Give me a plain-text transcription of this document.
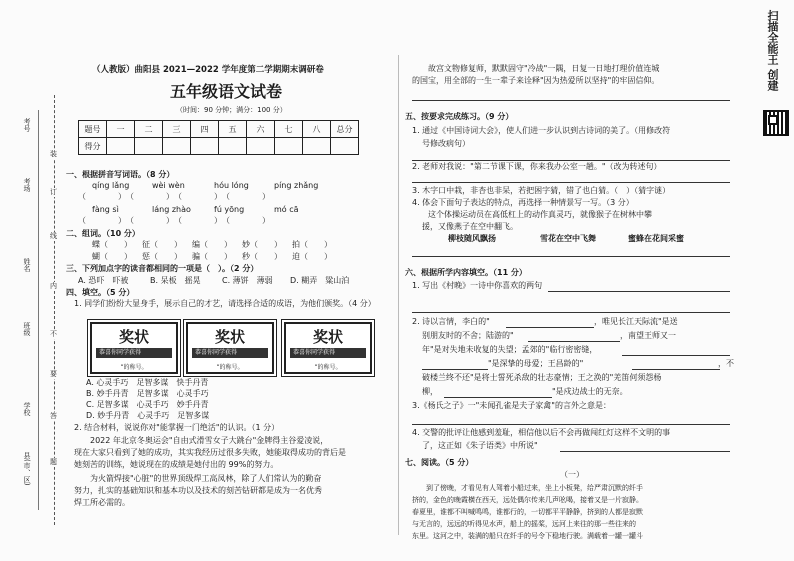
考号
考场
姓名
班级
学校
县(市、区)
装
订
线
内
不
要
答
题
（人教版）曲阳县 2021—2022 学年度第二学期期末调研卷
五年级语文试卷
（时间：90 分钟；满分：100 分）
题号	一	二	三	四	五	六	七	八	总分
得分									
一、根据拼音写词语。（8 分）
qíng lǎng	wèi wèn	hóu lóng	píng zhǎng
（　　　　）　（　　　　）　（　　　　）　（　　　　）
fàng sì	láng zhào	fú yōng	mó cā
（　　　　）　（　　　　）　（　　　　）　（　　　　）
二、组词。（10 分）
蝶（　　） 征（　　） 编（　　） 妙（　　） 拍（　　）
蝴（　　） 惩（　　） 骗（　　） 秒（　　） 迫（　　）
三、下列加点字的读音都相同的一项是（　）。（2 分）
A. 恐吓　吓被	B. 呆板　摇晃	C. 薄饼　薄弱 D. 糊弄　粱山泊
四、填空。（5 分）
1. 同学们纷纷大显身手，展示自己的才艺，请选择合适的成语，为他们颁奖。（4 分）
奖状
恭喜你同学获得
”的称号。
奖状
恭喜你同学获得
”的称号。
奖状
恭喜你同学获得
”的称号。
A. 心灵手巧　足智多谋　快手丹青
B. 妙手丹青　足智多谋　心灵手巧
C. 足智多谋　心灵手巧　妙手丹青
D. 妙手丹青　心灵手巧　足智多谋
2. 结合材料，说说你对"能掌握一门绝活"的认识。（1 分）
　　2022 年北京冬奥运会"自由式滑雪女子大跳台"金牌得主谷爱凌说，
现在大家只看到了她的成功，其实我经历过很多失败，她能取得成功的背后是
她刻苦的训练，她说现在的成绩是她付出的 99%的努力。
　　为火箭焊接"心脏"的世界顶级焊工高凤林，除了人们常认为的勤奋
努力，扎实的基础知识和基本功以及技术的刻苦钻研都是成为一名优秀
焊工所必需的。
故宫文物修复师，默默固守"冷战"一隅，日复一日地打理价值连城
的国宝，用全部的一生一辈子来诠释"因为热爱所以坚持"的牢固信仰。
五、按要求完成练习。（9 分）
1. 通过《中国诗词大会》，使人们进一步认识到古诗词的美了。（用修改符
号修改病句）
2. 老师对我说："第二节课下课，你来我办公室一趟。"（改为转述句）
3. 木字口中栽，非杏也非呆，若把困字猜，错了也白猜。（　）（猜字谜）
4. 体会下面句子表达的特点，再选择一种情景写一写。（3 分）
　　这个体操运动员在高低杠上的动作真灵巧，就像猴子在树林中攀
援，又像燕子在空中翻飞。
柳枝随风飘扬	雪花在空中飞舞	蜜蜂在花间采蜜
六、根据所学内容填空。（11 分）
1. 写出《村晚》一诗中你喜欢的两句
2. 诗以言情，李白的"	，唯见长江天际流"是送
别朋友时的不舍；陆游的"	，南望王师又一
年"是对失地未收复的失望；孟郊的"临行密密缝，
"是深挚的母爱；王昌龄的"	，不
破楼兰终不还"是将士誓死杀敌的壮志豪情；王之涣的"羌笛何须怨杨
柳，	"是戍边战士的无奈。
3.《杨氏之子》一"未闻孔雀是夫子家禽"的言外之意是：
4. 交警的批评让他感到羞耻，相信他以后不会再做闯红灯这样不文明的事
了，这正如《朱子语类》中所说"
七、阅读。（5 分）
（一）
　　到了傍晚，才看见有人驾着小船过来，坐上小板凳，给严肃沉默的纤手
挤的，金色的晚霞横在西天，远处偶尔传来几声吆喝，接着又是一片寂静。
春夏里，谁都不叫喊鸣鸣，谁都行的，一切都平平静静，挤到的人都是寂默
与无言的，远远的听得见水声，船上的摇桨，远河上来往的那一些往来的
东里。这河之中，装满的船只在纤手的号令下稳地行驶。满载着一罐一罐斗
扫描全能王 创建
